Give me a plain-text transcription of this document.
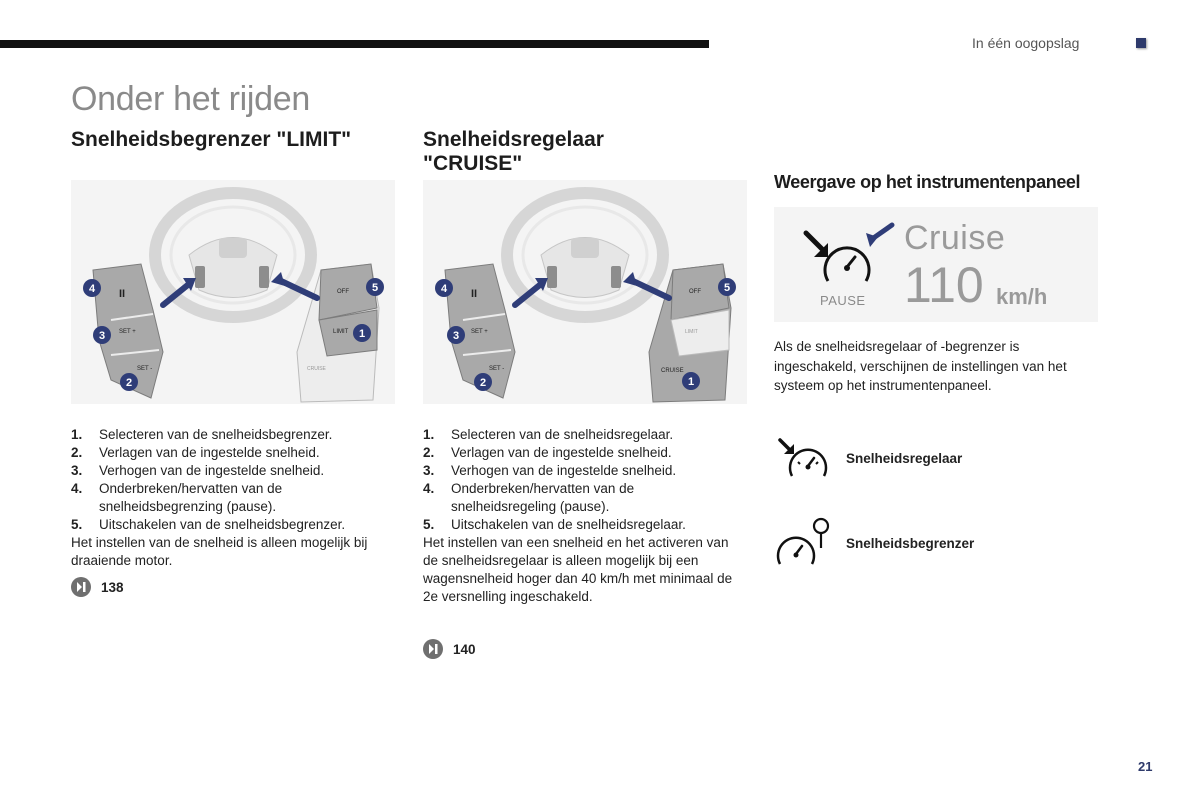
In één oogopslag
Onder het rijden
Snelheidsbegrenzer "LIMIT"	Snelheidsregelaar "CRUISE"
Weergave op het instrumentenpaneel
II
SET +
SET -
OFF
LIMIT
CRUISE
4
3
2
5
1
II
SET +
SET -
OFF
LIMIT
CRUISE
4
3
2
5
1
1.	Selecteren van de snelheidsbegrenzer.
2.	Verlagen van de ingestelde snelheid.
3.	Verhogen van de ingestelde snelheid.
4.	Onderbreken/hervatten van de snelheidsbegrenzing (pause).
5.	Uitschakelen van de snelheidsbegrenzer.
Het instellen van de snelheid is alleen mogelijk bij draaiende motor.
138
1.	Selecteren van de snelheidsregelaar.
2.	Verlagen van de ingestelde snelheid.
3.	Verhogen van de ingestelde snelheid.
4.	Onderbreken/hervatten van de snelheidsregeling (pause).
5.	Uitschakelen van de snelheidsregelaar.
Het instellen van een snelheid en het activeren van de snelheidsregelaar is alleen mogelijk bij een wagensnelheid hoger dan 40 km/h met minimaal de 2e versnelling ingeschakeld.
140
PAUSE
Cruise
110 km/h
Als de snelheidsregelaar of -begrenzer is ingeschakeld, verschijnen de instellingen van het systeem op het instrumentenpaneel.
Snelheidsregelaar
Snelheidsbegrenzer
21
